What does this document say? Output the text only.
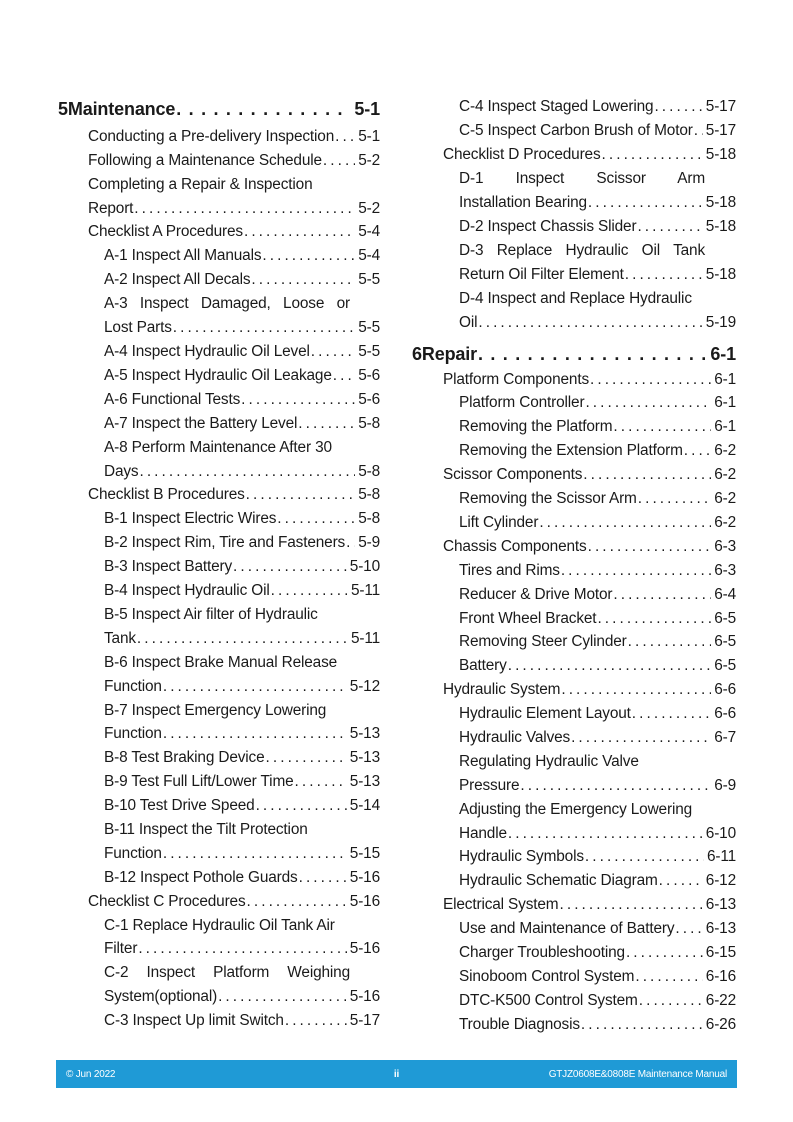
5 Maintenance . . .	5-1
Conducting a Pre-delivery Inspection . . . 5-1
Following a Maintenance Schedule . . . 5-2
Completing a Repair & Inspection
Report . . .	5-2
Checklist A Procedures . . .	5-4
A-1 Inspect All Manuals . . .	5-4
A-2 Inspect All Decals . . .	5-5
A-3 Inspect Damaged, Loose or
Lost Parts . . .	5-5
A-4 Inspect Hydraulic Oil Level . . .	5-5
A-5 Inspect Hydraulic Oil Leakage . . . 5-6
A-6 Functional Tests . . .	5-6
A-7 Inspect the Battery Level . . .	5-8
A-8 Perform Maintenance After 30
Days . . .	5-8
Checklist B Procedures . . .	5-8
B-1 Inspect Electric Wires . . .	5-8
B-2 Inspect Rim, Tire and Fasteners . . . 5-9
B-3 Inspect Battery . . .	5-10
B-4 Inspect Hydraulic Oil . . .	5-11
B-5 Inspect Air filter of Hydraulic
Tank . . .	5-11
B-6 Inspect Brake Manual Release
Function . . .	5-12
B-7 Inspect Emergency Lowering
Function . . .	5-13
B-8 Test Braking Device . . .	5-13
B-9 Test Full Lift/Lower Time . . .	5-13
B-10 Test Drive Speed . . .	5-14
B-11 Inspect the Tilt Protection
Function . . .	5-15
B-12 Inspect Pothole Guards . . .	5-16
Checklist C Procedures . . .	5-16
C-1 Replace Hydraulic Oil Tank Air
Filter . . .	5-16
C-2 Inspect Platform Weighing
System(optional) . . .	5-16
C-3 Inspect Up limit Switch . . .	5-17
C-4 Inspect Staged Lowering . . .	5-17
C-5 Inspect Carbon Brush of Motor . . . 5-17
Checklist D Procedures . . .	5-18
D-1 Inspect Scissor Arm
Installation Bearing . . .	5-18
D-2 Inspect Chassis Slider . . .	5-18
D-3 Replace Hydraulic Oil Tank
Return Oil Filter Element . . .	5-18
D-4 Inspect and Replace Hydraulic
Oil . . .	5-19
6 Repair . . .	6-1
Platform Components . . .	6-1
Platform Controller . . .	6-1
Removing the Platform . . .	6-1
Removing the Extension Platform . . . 6-2
Scissor Components . . .	6-2
Removing the Scissor Arm . . .	6-2
Lift Cylinder . . .	6-2
Chassis Components . . .	6-3
Tires and Rims . . .	6-3
Reducer & Drive Motor . . .	6-4
Front Wheel Bracket . . .	6-5
Removing Steer Cylinder . . .	6-5
Battery . . .	6-5
Hydraulic System . . .	6-6
Hydraulic Element Layout . . .	6-6
Hydraulic Valves . . .	6-7
Regulating Hydraulic Valve
Pressure . . .	6-9
Adjusting the Emergency Lowering
Handle . . .	6-10
Hydraulic Symbols . . .	6-11
Hydraulic Schematic Diagram . . .	6-12
Electrical System . . .	6-13
Use and Maintenance of Battery . . . 6-13
Charger Troubleshooting . . .	6-15
Sinoboom Control System . . .	6-16
DTC-K500 Control System . . .	6-22
Trouble Diagnosis . . .	6-26
© Jun 2022	ii	GTJZ0608E&0808E Maintenance Manual
